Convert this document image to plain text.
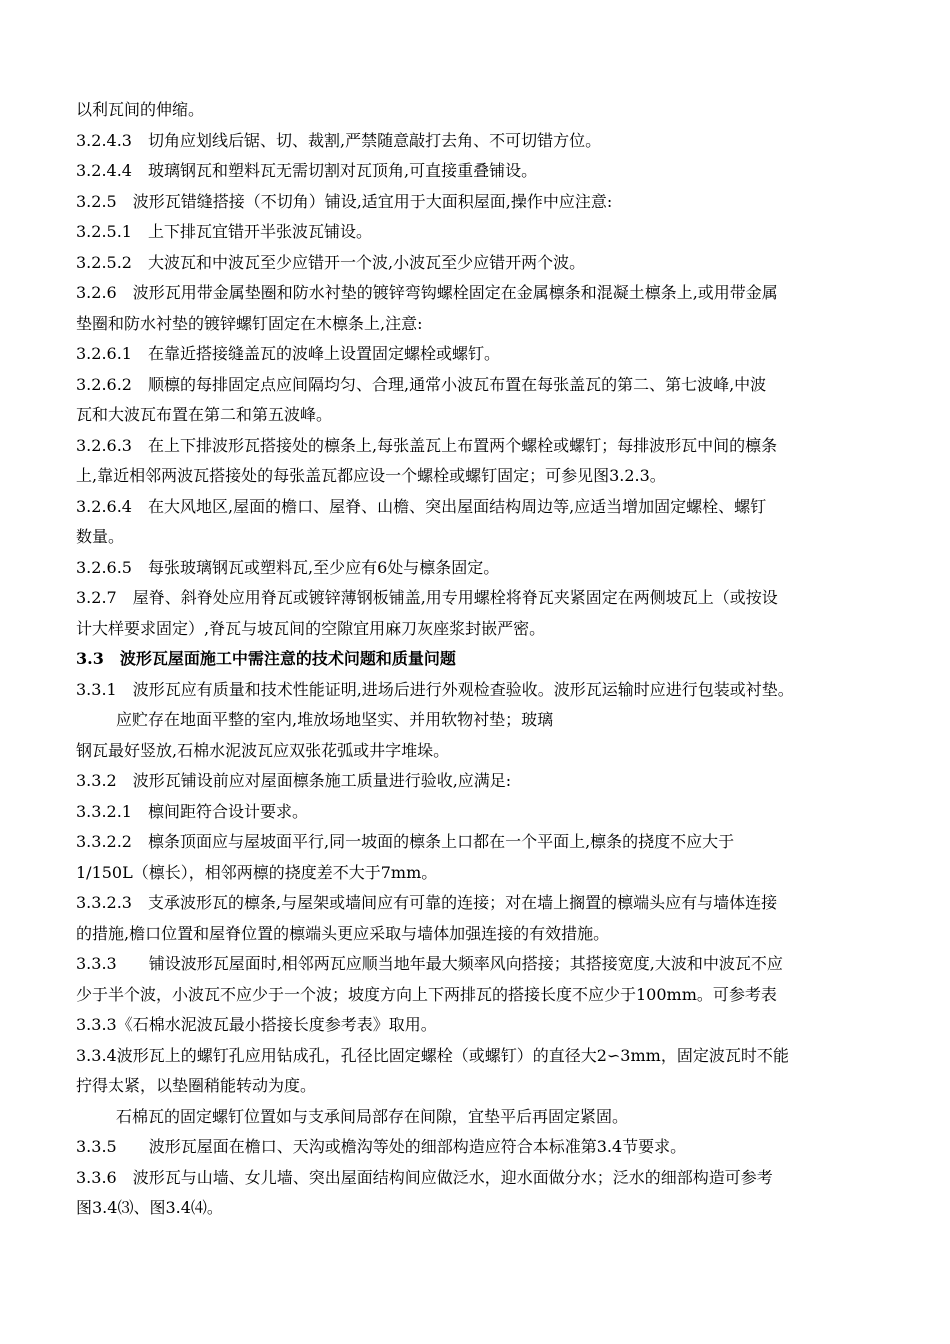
以利瓦间的伸缩。
3.2.4.3　切角应划线后锯、切、裁割,严禁随意敲打去角、不可切错方位。
3.2.4.4　玻璃钢瓦和塑料瓦无需切割对瓦顶角,可直接重叠铺设。
3.2.5　波形瓦错缝搭接（不切角）铺设,适宜用于大面积屋面,操作中应注意:
3.2.5.1　上下排瓦宜错开半张波瓦铺设。
3.2.5.2　大波瓦和中波瓦至少应错开一个波,小波瓦至少应错开两个波。
3.2.6　波形瓦用带金属垫圈和防水衬垫的镀锌弯钩螺栓固定在金属檩条和混凝土檩条上,或用带金属
垫圈和防水衬垫的镀锌螺钉固定在木檩条上,注意:
3.2.6.1　在靠近搭接缝盖瓦的波峰上设置固定螺栓或螺钉。
3.2.6.2　顺檩的每排固定点应间隔均匀、合理,通常小波瓦布置在每张盖瓦的第二、第七波峰,中波
瓦和大波瓦布置在第二和第五波峰。
3.2.6.3　在上下排波形瓦搭接处的檩条上,每张盖瓦上布置两个螺栓或螺钉；每排波形瓦中间的檩条
上,靠近相邻两波瓦搭接处的每张盖瓦都应设一个螺栓或螺钉固定；可参见图3.2.3。
3.2.6.4　在大风地区,屋面的檐口、屋脊、山檐、突出屋面结构周边等,应适当增加固定螺栓、螺钉
数量。
3.2.6.5　每张玻璃钢瓦或塑料瓦,至少应有6处与檩条固定。
3.2.7　屋脊、斜脊处应用脊瓦或镀锌薄钢板铺盖,用专用螺栓将脊瓦夹紧固定在两侧坡瓦上（或按设
计大样要求固定）,脊瓦与坡瓦间的空隙宜用麻刀灰座浆封嵌严密。
3.3　波形瓦屋面施工中需注意的技术问题和质量问题
3.3.1　波形瓦应有质量和技术性能证明,进场后进行外观检查验收。波形瓦运输时应进行包装或衬垫。
应贮存在地面平整的室内,堆放场地坚实、并用软物衬垫；玻璃
钢瓦最好竖放,石棉水泥波瓦应双张花弧或井字堆垛。
3.3.2　波形瓦铺设前应对屋面檩条施工质量进行验收,应满足:
3.3.2.1　檩间距符合设计要求。
3.3.2.2　檩条顶面应与屋坡面平行,同一坡面的檩条上口都在一个平面上,檩条的挠度不应大于
1/150L（檩长），相邻两檩的挠度差不大于7mm。
3.3.2.3　支承波形瓦的檩条,与屋架或墙间应有可靠的连接；对在墙上搁置的檩端头应有与墙体连接
的措施,檐口位置和屋脊位置的檩端头更应采取与墙体加强连接的有效措施。
3.3.3　　铺设波形瓦屋面时,相邻两瓦应顺当地年最大频率风向搭接；其搭接宽度,大波和中波瓦不应
少于半个波，小波瓦不应少于一个波；坡度方向上下两排瓦的搭接长度不应少于100mm。可参考表
3.3.3《石棉水泥波瓦最小搭接长度参考表》取用。
3.3.4波形瓦上的螺钉孔应用钻成孔，孔径比固定螺栓（或螺钉）的直径大2∽3mm，固定波瓦时不能
拧得太紧，以垫圈稍能转动为度。
石棉瓦的固定螺钉位置如与支承间局部存在间隙，宜垫平后再固定紧固。
3.3.5　　波形瓦屋面在檐口、天沟或檐沟等处的细部构造应符合本标准第3.4节要求。
3.3.6　波形瓦与山墙、女儿墙、突出屋面结构间应做泛水，迎水面做分水；泛水的细部构造可参考
图3.4⑶、图3.4⑷。
